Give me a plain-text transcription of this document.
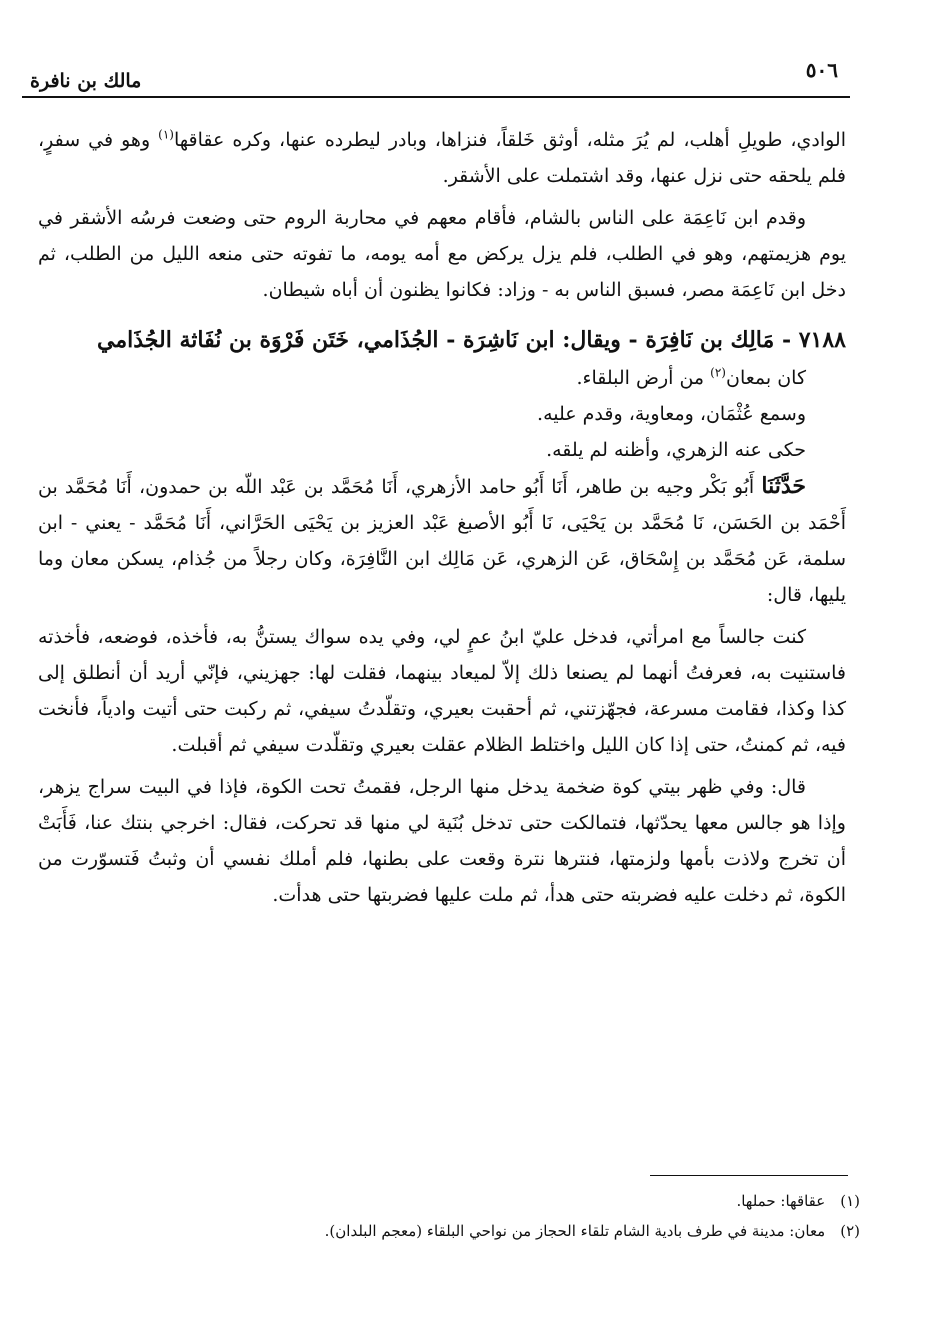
٥٠٦
مالك بن نافرة

الوادي، طويلِ أهلب، لم يُرَ مثله، أوثق خَلقاً، فنزاها، وبادر ليطرده عنها، وكره عقاقها$^{(١)}$ وهو في سفرٍ، فلم يلحقه حتى نزل عنها، وقد اشتملت على الأشقر.

وقدم ابن نَاعِمَة على الناس بالشام، فأقام معهم في محاربة الروم حتى وضعت فرسُه الأشقر في يوم هزيمتهم، وهو في الطلب، فلم يزل يركض مع أمه يومه، ما تفوته حتى منعه الليل من الطلب، ثم دخل ابن نَاعِمَة مصر، فسبق الناس به - وزاد: فكانوا يظنون أن أباه شيطان.

٧١٨٨ - مَالِك بن نَافِرَة - ويقال: ابن نَاشِرَة - الجُذَامي، خَتَن فَرْوَة بن نُفَاثة الجُذَامي

كان بمعان$^{(٢)}$ من أرض البلقاء.

وسمع عُثْمَان، ومعاوية، وقدم عليه.

حكى عنه الزهري، وأظنه لم يلقه.

حَدَّثَنَا أَبُو بَكْر وجيه بن طاهر، أَنَا أَبُو حامد الأزهري، أَنَا مُحَمَّد بن عَبْد اللّه بن حمدون، أَنَا مُحَمَّد بن أَحْمَد بن الحَسَن، نَا مُحَمَّد بن يَحْيَى، نَا أَبُو الأصبغ عَبْد العزيز بن يَحْيَى الحَرَّاني، أَنَا مُحَمَّد - يعني - ابن سلمة، عَن مُحَمَّد بن إِسْحَاق، عَن الزهري، عَن مَالِك ابن النَّافِرَة، وكان رجلاً من جُذام، يسكن معان وما يليها، قال:

كنت جالساً مع امرأتي، فدخل عليّ ابنُ عمٍ لي، وفي يده سواك يستنُّ به، فأخذه، فوضعه، فأخذته فاستنيت به، فعرفتُ أنهما لم يصنعا ذلك إلاّ لميعاد بينهما، فقلت لها: جهزيني، فإنّي أريد أن أنطلق إلى كذا وكذا، فقامت مسرعة، فجهّزتني، ثم أحقبت بعيري، وتقلّدتُ سيفي، ثم ركبت حتى أتيت وادياً، فأنخت فيه، ثم كمنتُ، حتى إذا كان الليل واختلط الظلام عقلت بعيري وتقلّدت سيفي ثم أقبلت.

قال: وفي ظهر بيتي كوة ضخمة يدخل منها الرجل، فقمتُ تحت الكوة، فإذا في البيت سراج يزهر، وإذا هو جالس معها يحدّثها، فتمالكت حتى تدخل بُنَية لي منها قد تحركت، فقال: اخرجي بنتك عنا، فَأَبَتْ أن تخرج ولاذت بأمها ولزمتها، فنترها نترة وقعت على بطنها، فلم أملك نفسي أن وثبتُ فَتسوّرت من الكوة، ثم دخلت عليه فضربته حتى هدأ، ثم ملت عليها فضربتها حتى هدأت.

(١) عقاقها: حملها.

(٢) معان: مدينة في طرف بادية الشام تلقاء الحجاز من نواحي البلقاء (معجم البلدان).
